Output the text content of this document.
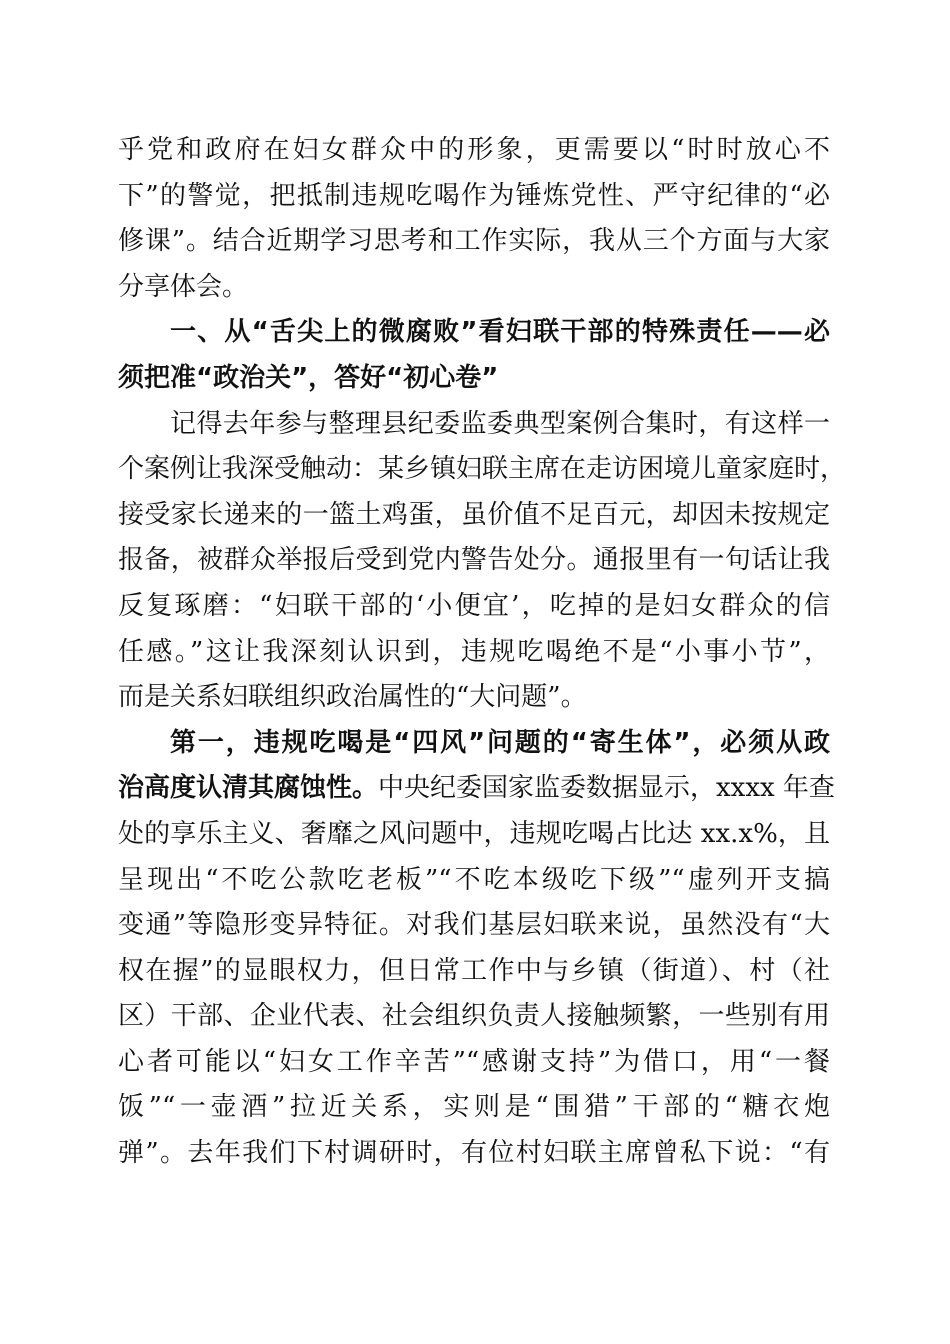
乎党和政府在妇女群众中的形象，更需要以“时时放心不
下”的警觉，把抵制违规吃喝作为锤炼党性、严守纪律的“必
修课”。结合近期学习思考和工作实际，我从三个方面与大家
分享体会。
一、从“舌尖上的微腐败”看妇联干部的特殊责任——必
须把准“政治关”，答好“初心卷”
记得去年参与整理县纪委监委典型案例合集时，有这样一
个案例让我深受触动：某乡镇妇联主席在走访困境儿童家庭时，
接受家长递来的一篮土鸡蛋，虽价值不足百元，却因未按规定
报备，被群众举报后受到党内警告处分。通报里有一句话让我
反复琢磨：“妇联干部的‘小便宜’，吃掉的是妇女群众的信
任感。”这让我深刻认识到，违规吃喝绝不是“小事小节”，
而是关系妇联组织政治属性的“大问题”。
第一，违规吃喝是“四风”问题的“寄生体”，必须从政
治高度认清其腐蚀性。中央纪委国家监委数据显示，xxxx 年查
处的享乐主义、奢靡之风问题中，违规吃喝占比达 xx.x%，且
呈现出“不吃公款吃老板”“不吃本级吃下级”“虚列开支搞
变通”等隐形变异特征。对我们基层妇联来说，虽然没有“大
权在握”的显眼权力，但日常工作中与乡镇（街道）、村（社
区）干部、企业代表、社会组织负责人接触频繁，一些别有用
心者可能以“妇女工作辛苦”“感谢支持”为借口，用“一餐
饭”“一壶酒”拉近关系，实则是“围猎”干部的“糖衣炮
弹”。去年我们下村调研时，有位村妇联主席曾私下说：“有
